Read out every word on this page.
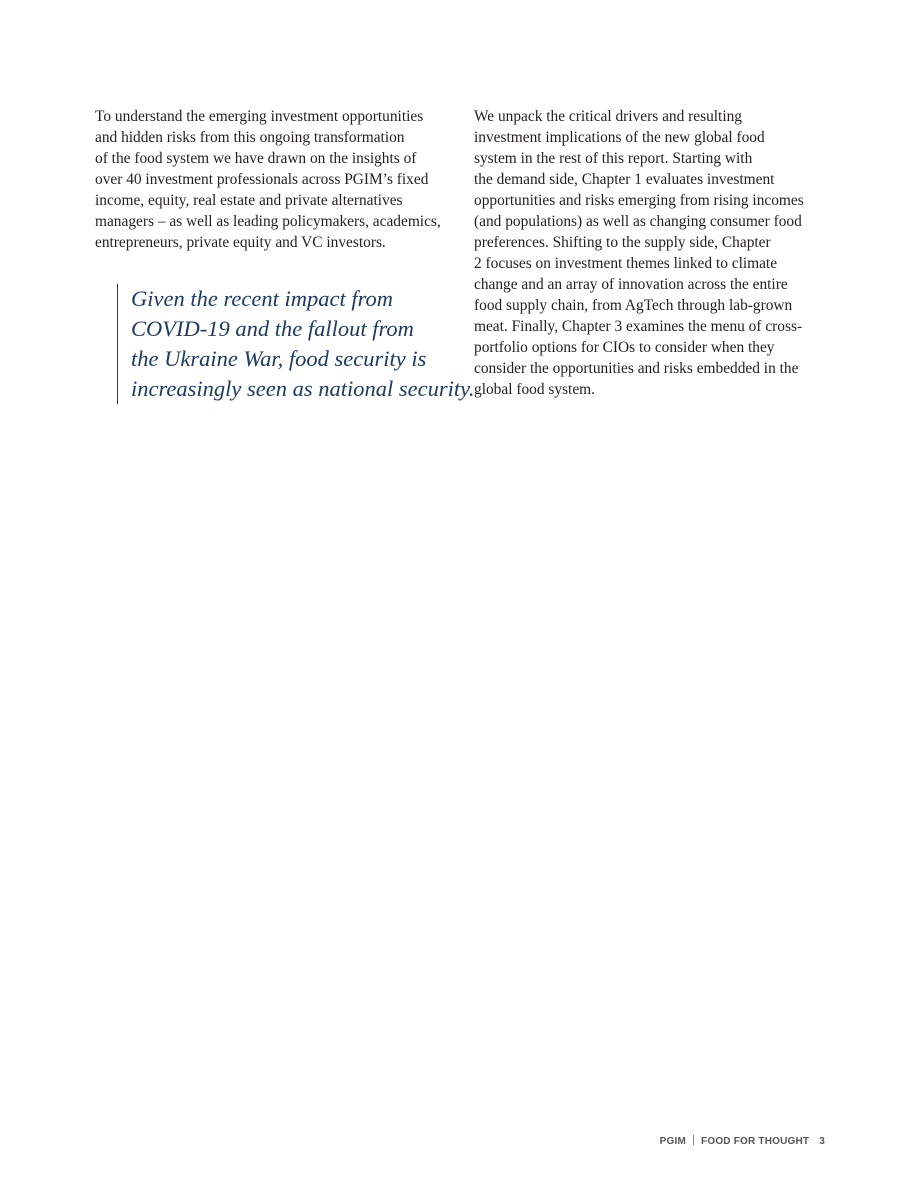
To understand the emerging investment opportunities
and hidden risks from this ongoing transformation
of the food system we have drawn on the insights of
over 40 investment professionals across PGIM’s fixed
income, equity, real estate and private alternatives
managers – as well as leading policymakers, academics,
entrepreneurs, private equity and VC investors.
Given the recent impact from
COVID-19 and the fallout from
the Ukraine War, food security is
increasingly seen as national security.
We unpack the critical drivers and resulting
investment implications of the new global food
system in the rest of this report. Starting with
the demand side, Chapter 1 evaluates investment
opportunities and risks emerging from rising incomes
(and populations) as well as changing consumer food
preferences. Shifting to the supply side, Chapter
2 focuses on investment themes linked to climate
change and an array of innovation across the entire
food supply chain, from AgTech through lab-grown
meat. Finally, Chapter 3 examines the menu of cross-
portfolio options for CIOs to consider when they
consider the opportunities and risks embedded in the
global food system.
PGIM FOOD FOR THOUGHT 3
